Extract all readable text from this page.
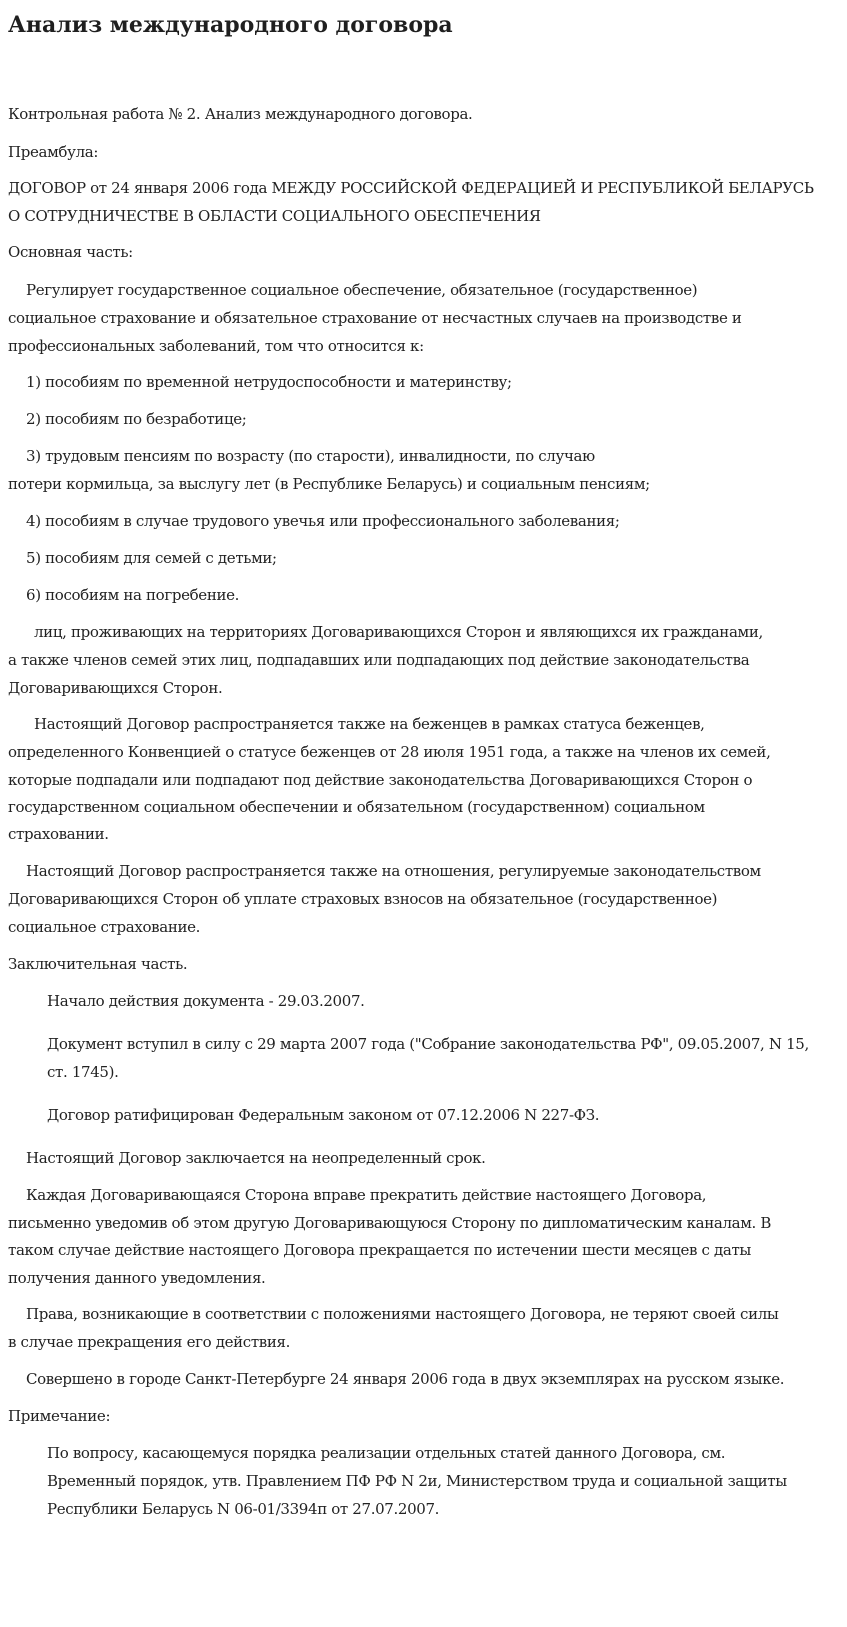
Анализ международного договора
Контрольная работа № 2. Анализ международного договора.
Преамбула:
ДОГОВОР от 24 января 2006 года МЕЖДУ РОССИЙСКОЙ ФЕДЕРАЦИЕЙ И РЕСПУБЛИКОЙ БЕЛАРУСЬ
О СОТРУДНИЧЕСТВЕ В ОБЛАСТИ СОЦИАЛЬНОГО ОБЕСПЕЧЕНИЯ
Основная часть:
Регулирует государственное социальное обеспечение, обязательное (государственное)
социальное страхование и обязательное страхование от несчастных случаев на производстве и
профессиональных заболеваний, том что относится к:
1) пособиям по временной нетрудоспособности и материнству;
2) пособиям по безработице;
3) трудовым пенсиям по возрасту (по старости), инвалидности, по случаю
потери кормильца, за выслугу лет (в Республике Беларусь) и социальным пенсиям;
4) пособиям в случае трудового увечья или профессионального заболевания;
5) пособиям для семей с детьми;
6) пособиям на погребение.
лиц, проживающих на территориях Договаривающихся Сторон и являющихся их гражданами,
а также членов семей этих лиц, подпадавших или подпадающих под действие законодательства
Договаривающихся Сторон.
Настоящий Договор распространяется также на беженцев в рамках статуса беженцев,
определенного Конвенцией о статусе беженцев от 28 июля 1951 года, а также на членов их семей,
которые подпадали или подпадают под действие законодательства Договаривающихся Сторон о
государственном социальном обеспечении и обязательном (государственном) социальном
страховании.
Настоящий Договор распространяется также на отношения, регулируемые законодательством
Договаривающихся Сторон об уплате страховых взносов на обязательное (государственное)
социальное страхование.
Заключительная часть.
Начало действия документа - 29.03.2007.
Документ вступил в силу с 29 марта 2007 года ("Собрание законодательства РФ", 09.05.2007, N 15,
ст. 1745).
Договор ратифицирован Федеральным законом от 07.12.2006 N 227-ФЗ.
Настоящий Договор заключается на неопределенный срок.
Каждая Договаривающаяся Сторона вправе прекратить действие настоящего Договора,
письменно уведомив об этом другую Договаривающуюся Сторону по дипломатическим каналам. В
таком случае действие настоящего Договора прекращается по истечении шести месяцев с даты
получения данного уведомления.
Права, возникающие в соответствии с положениями настоящего Договора, не теряют своей силы
в случае прекращения его действия.
Совершено в городе Санкт-Петербурге 24 января 2006 года в двух экземплярах на русском языке.
Примечание:
По вопросу, касающемуся порядка реализации отдельных статей данного Договора, см.
Временный порядок, утв. Правлением ПФ РФ N 2и, Министерством труда и социальной защиты
Республики Беларусь N 06-01/3394п от 27.07.2007.
